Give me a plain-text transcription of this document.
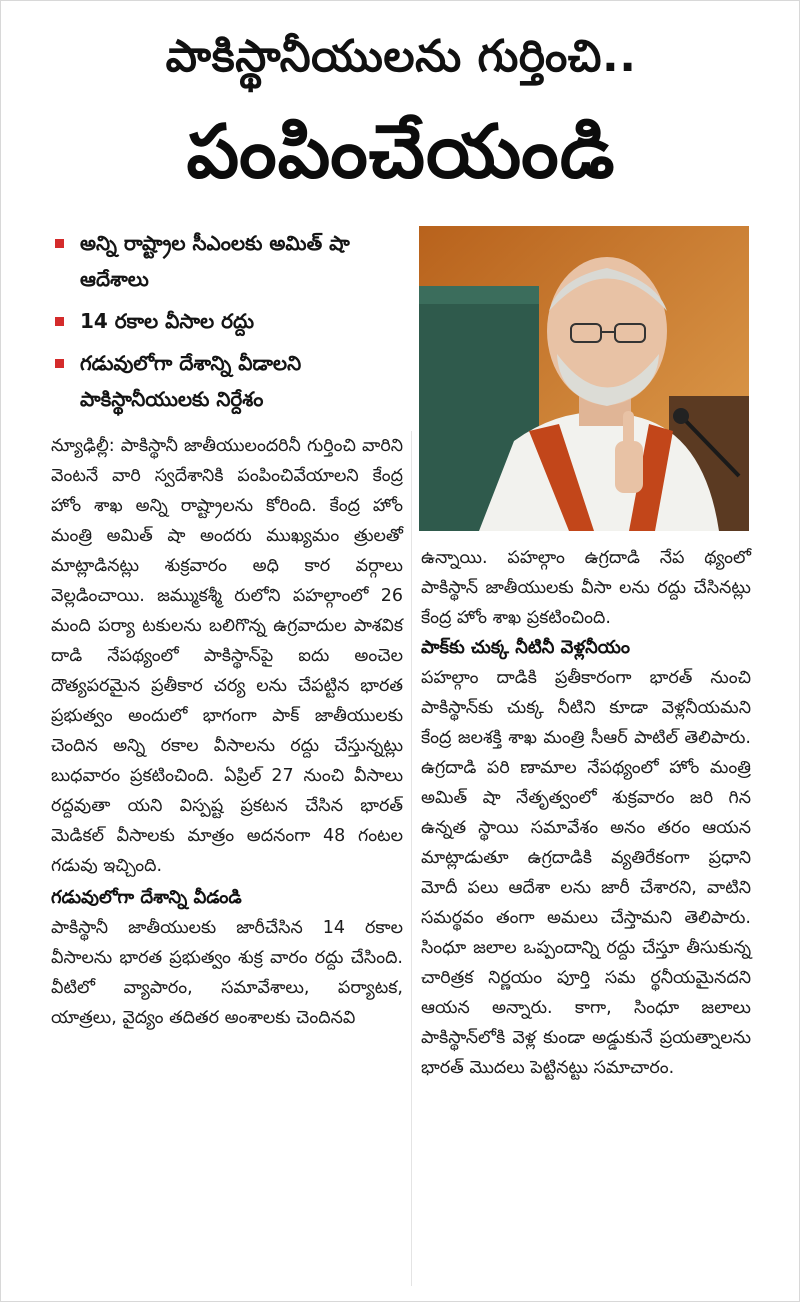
పాకిస్థానీయులను గుర్తించి..
పంపించేయండి
అన్ని రాష్ట్రాల సీఎంలకు అమిత్ షా ఆదేశాలు
14 రకాల వీసాల రద్దు
గడువులోగా దేశాన్ని వీడాలని పాకిస్థానీయులకు నిర్దేశం

న్యూఢిల్లీ: పాకిస్థానీ జాతీయులందరినీ గుర్తించి వారిని వెంటనే వారి స్వదేశానికి పంపించివేయాలని కేంద్ర హోం శాఖ అన్ని రాష్ట్రాలను కోరింది. కేంద్ర హోం మంత్రి అమిత్ షా అందరు ముఖ్యమం త్రులతో మాట్లాడినట్లు శుక్రవారం అధి కార వర్గాలు వెల్లడించాయి. జమ్ముకశ్మీ రులోని పహల్గాంలో 26 మంది పర్యా టకులను బలిగొన్న ఉగ్రవాదుల పాశవిక దాడి నేపథ్యంలో పాకిస్థాన్‌పై ఐదు అంచెల దౌత్యపరమైన ప్రతీకార చర్య లను చేపట్టిన భారత ప్రభుత్వం అందులో భాగంగా పాక్ జాతీయులకు చెందిన అన్ని రకాల వీసాలను రద్దు చేస్తున్నట్లు బుధవారం ప్రకటించింది. ఏప్రిల్ 27 నుంచి వీసాలు రద్దవుతా యని విస్పష్ట ప్రకటన చేసిన భారత్ మెడికల్ వీసాలకు మాత్రం అదనంగా 48 గంటల గడువు ఇచ్చింది.

గడువులోగా దేశాన్ని వీడండి

పాకిస్థానీ జాతీయులకు జారీచేసిన 14 రకాల వీసాలను భారత ప్రభుత్వం శుక్ర వారం రద్దు చేసింది. వీటిలో వ్యాపారం, సమావేశాలు, పర్యాటక, యాత్రలు, వైద్యం తదితర అంశాలకు చెందినవి

ఉన్నాయి. పహల్గాం ఉగ్రదాడి నేప థ్యంలో పాకిస్థాన్ జాతీయులకు వీసా లను రద్దు చేసినట్లు కేంద్ర హోం శాఖ ప్రకటించింది.

పాక్‌కు చుక్క నీటినీ వెళ్లనీయం

పహల్గాం దాడికి ప్రతీకారంగా భారత్ నుంచి పాకిస్థాన్‌కు చుక్క నీటిని కూడా వెళ్లనీయమని కేంద్ర జలశక్తి శాఖ మంత్రి సీఆర్ పాటిల్ తెలిపారు. ఉగ్రదాడి పరి ణామాల నేపథ్యంలో హోం మంత్రి అమిత్ షా నేతృత్వంలో శుక్రవారం జరి గిన ఉన్నత స్థాయి సమావేశం అనం తరం ఆయన మాట్లాడుతూ ఉగ్రదాడికి వ్యతిరేకంగా ప్రధాని మోదీ పలు ఆదేశా లను జారీ చేశారని, వాటిని సమర్థవం తంగా అమలు చేస్తామని తెలిపారు. సింధూ జలాల ఒప్పందాన్ని రద్దు చేస్తూ తీసుకున్న చారిత్రక నిర్ణయం పూర్తి సమ ర్థనీయమైనదని ఆయన అన్నారు. కాగా, సింధూ జలాలు పాకిస్థాన్‌లోకి వెళ్ల కుండా అడ్డుకునే ప్రయత్నాలను భారత్ మొదలు పెట్టినట్టు సమాచారం.
